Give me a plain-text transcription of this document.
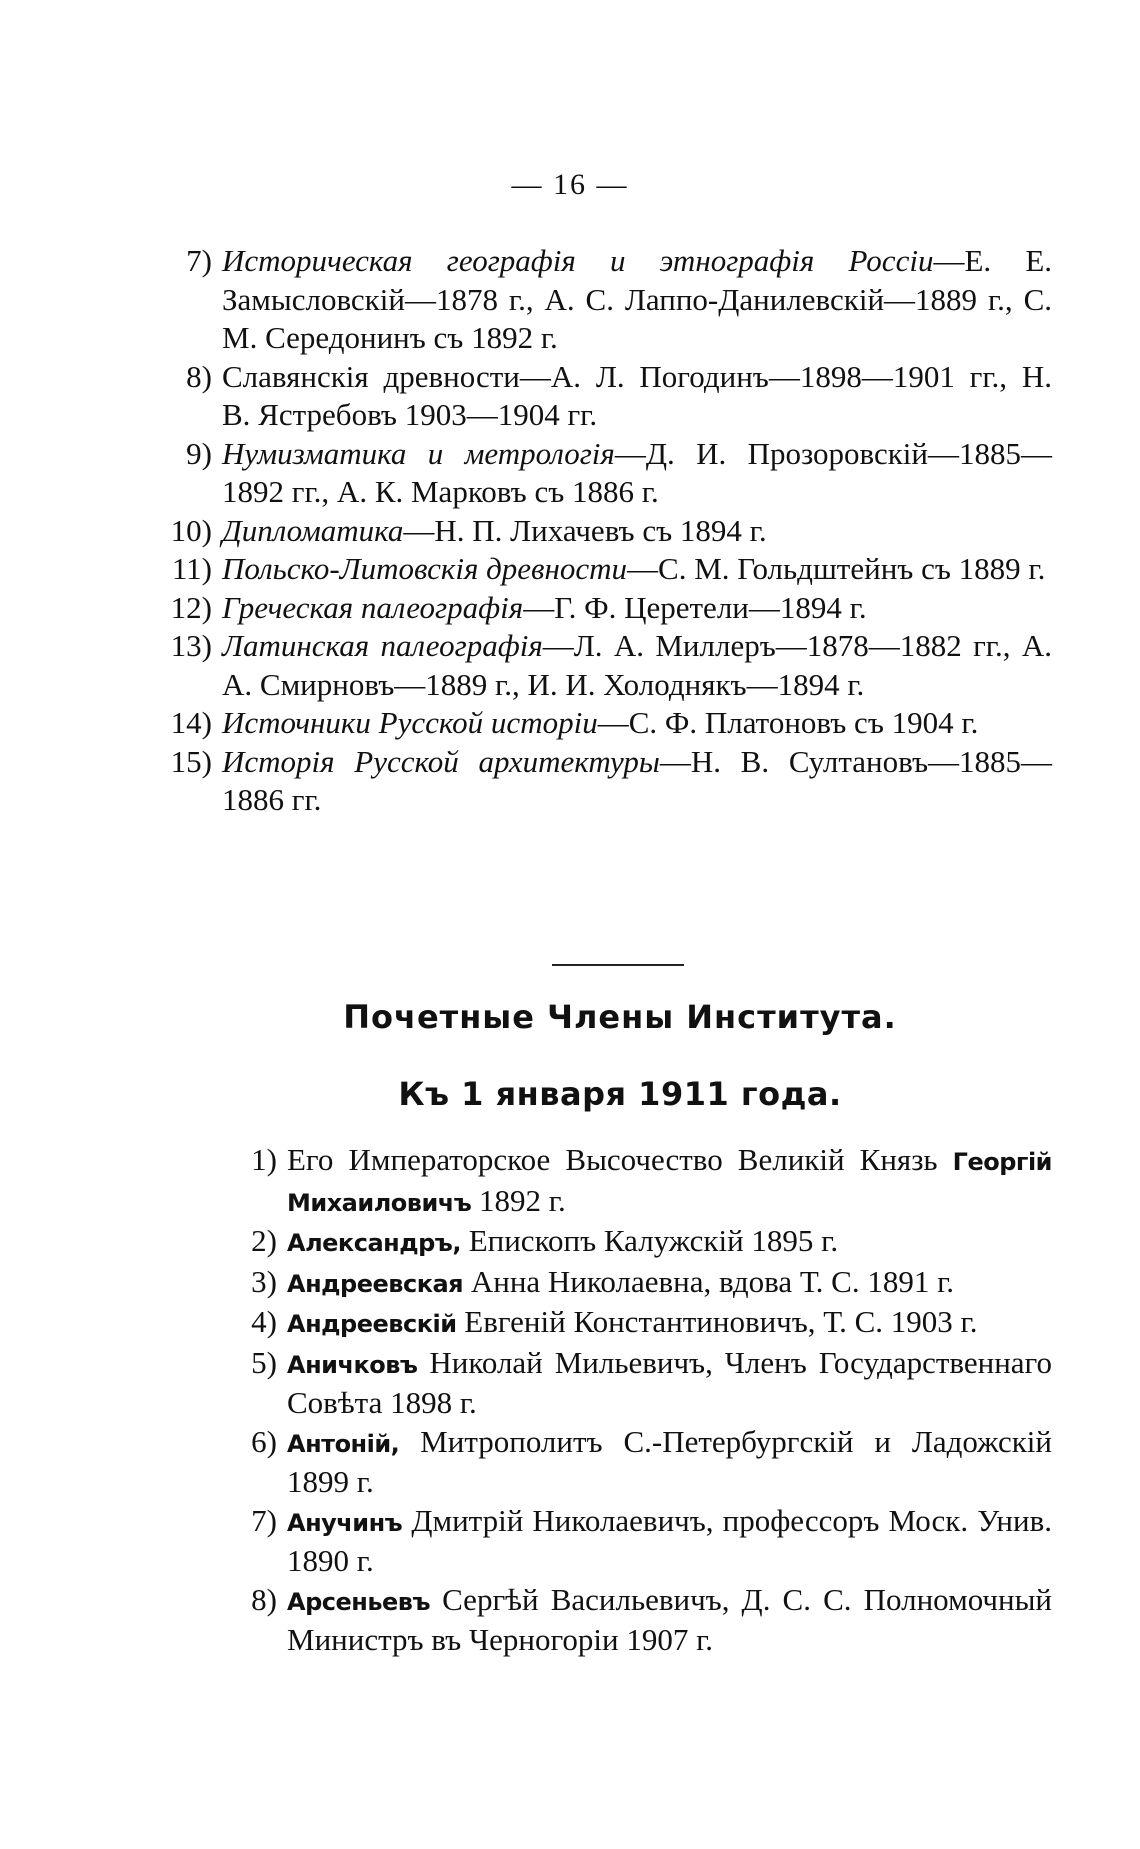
— 16 —
7) Историческая географія и этнографія Россіи—Е. Е. Замысловскій—1878 г., А. С. Лаппо-Данилевскій—1889 г., С. М. Середонинъ съ 1892 г.
8) Славянскія древности—А. Л. Погодинъ—1898—1901 гг., Н. В. Ястребовъ 1903—1904 гг.
9) Нумизматика и метрологія—Д. И. Прозоровскій—1885—1892 гг., А. К. Марковъ съ 1886 г.
10) Дипломатика—Н. П. Лихачевъ съ 1894 г.
11) Польско-Литовскія древности—С. М. Гольдштейнъ съ 1889 г.
12) Греческая палеографія—Г. Ф. Церетели—1894 г.
13) Латинская палеографія—Л. А. Миллеръ—1878—1882 гг., А. А. Смирновъ—1889 г., И. И. Холоднякъ—1894 г.
14) Источники Русской исторіи—С. Ф. Платоновъ съ 1904 г.
15) Исторія Русской архитектуры—Н. В. Султановъ—1885—1886 гг.
Почетные Члены Института.
Къ 1 января 1911 года.
1) Его Императорское Высочество Великій Князь Георгій Михаиловичъ 1892 г.
2) Александръ, Епископъ Калужскій 1895 г.
3) Андреевская Анна Николаевна, вдова Т. С. 1891 г.
4) Андреевскій Евгеній Константиновичъ, Т. С. 1903 г.
5) Аничковъ Николай Мильевичъ, Членъ Государственнаго Совѣта 1898 г.
6) Антоній, Митрополитъ С.-Петербургскій и Ладожскій 1899 г.
7) Анучинъ Дмитрій Николаевичъ, профессоръ Моск. Унив. 1890 г.
8) Арсеньевъ Сергѣй Васильевичъ, Д. С. С. Полномочный Министръ въ Черногоріи 1907 г.
